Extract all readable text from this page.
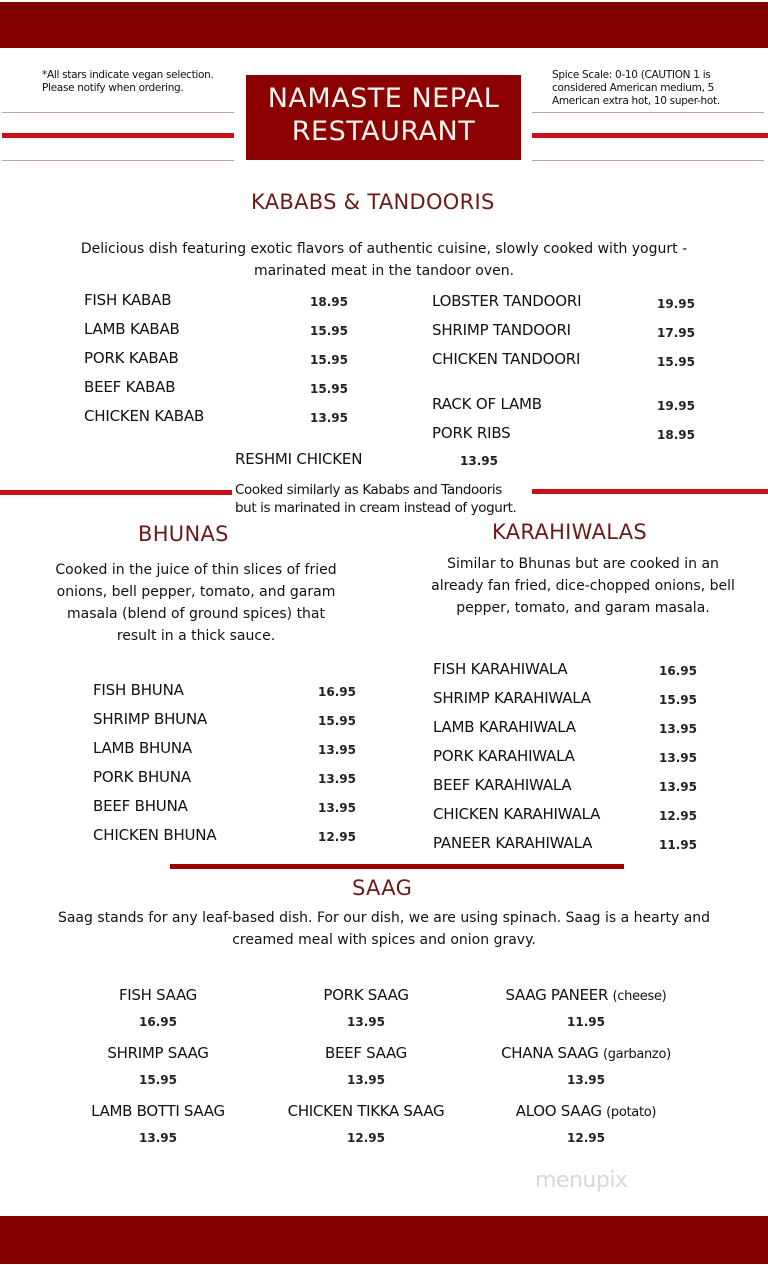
*All stars indicate vegan selection.
Please notify when ordering.
Spice Scale: 0-10 (CAUTION 1 is
considered American medium, 5
American extra hot, 10 super-hot.
NAMASTE NEPAL
RESTAURANT
KABABS & TANDOORIS
Delicious dish featuring exotic flavors of authentic cuisine, slowly cooked with yogurt -
marinated meat in the tandoor oven.
FISH KABAB	18.95
LAMB KABAB	15.95
PORK KABAB	15.95
BEEF KABAB	15.95
CHICKEN KABAB	13.95
LOBSTER TANDOORI	19.95
SHRIMP TANDOORI	17.95
CHICKEN TANDOORI	15.95
RACK OF LAMB	19.95
PORK RIBS	18.95
RESHMI CHICKEN	13.95
Cooked similarly as Kababs and Tandooris
but is marinated in cream instead of yogurt.
BHUNAS
Cooked in the juice of thin slices of fried
onions, bell pepper, tomato, and garam
masala (blend of ground spices) that
result in a thick sauce.
FISH BHUNA	16.95
SHRIMP BHUNA	15.95
LAMB BHUNA	13.95
PORK BHUNA	13.95
BEEF BHUNA	13.95
CHICKEN BHUNA	12.95
KARAHIWALAS
Similar to Bhunas but are cooked in an
already fan fried, dice-chopped onions, bell
pepper, tomato, and garam masala.
FISH KARAHIWALA	16.95
SHRIMP KARAHIWALA	15.95
LAMB KARAHIWALA	13.95
PORK KARAHIWALA	13.95
BEEF KARAHIWALA	13.95
CHICKEN KARAHIWALA	12.95
PANEER KARAHIWALA	11.95
SAAG
Saag stands for any leaf-based dish. For our dish, we are using spinach. Saag is a hearty and
creamed meal with spices and onion gravy.
FISH SAAG
16.95
SHRIMP SAAG
15.95
LAMB BOTTI SAAG
13.95
PORK SAAG
13.95
BEEF SAAG
13.95
CHICKEN TIKKA SAAG
12.95
SAAG PANEER (cheese)
11.95
CHANA SAAG (garbanzo)
13.95
ALOO SAAG (potato)
12.95
menupix
